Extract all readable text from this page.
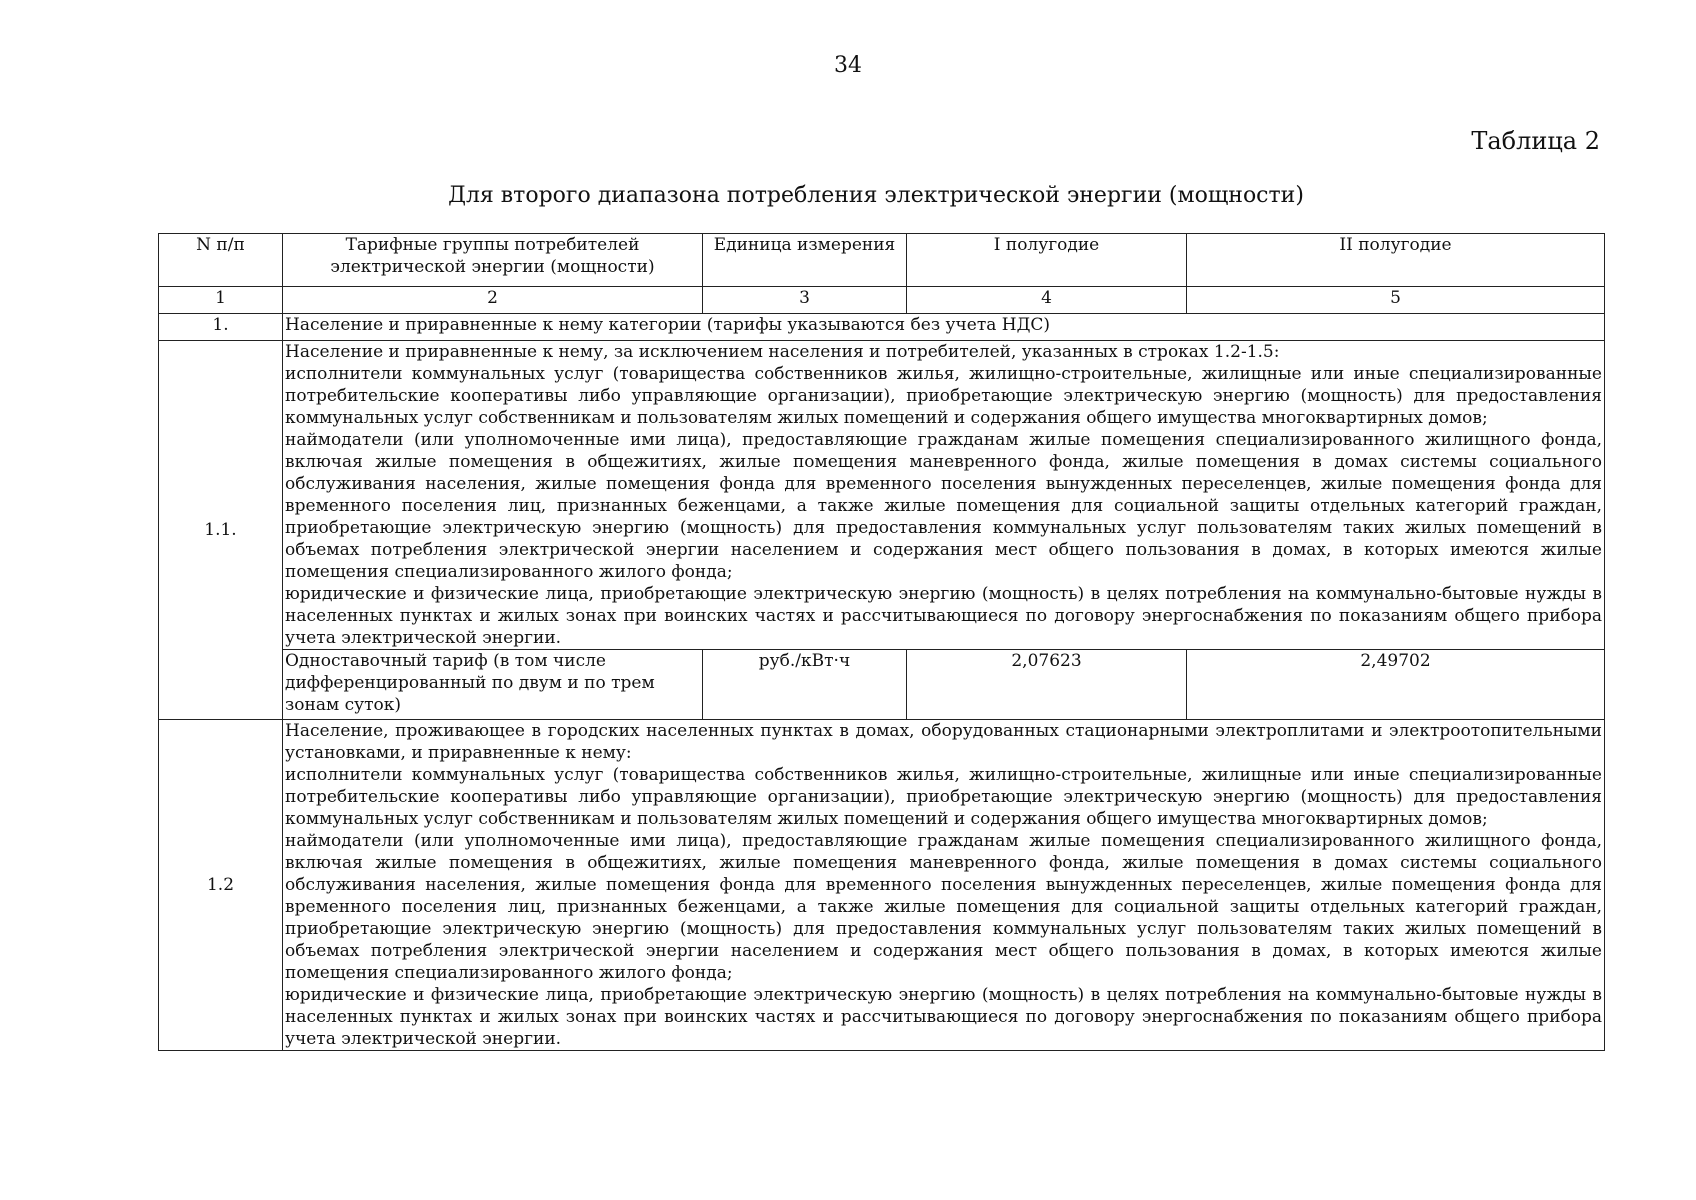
34
Таблица 2
Для второго диапазона потребления электрической энергии (мощности)
N п/п	Тарифные группы потребителей электрической энергии (мощности)	Единица измерения	I полугодие	II полугодие
1	2	3	4	5
1.	Население и приравненные к нему категории (тарифы указываются без учета НДС)			
1.1.	Население и приравненные к нему, за исключением населения и потребителей, указанных в строках 1.2-1.5:
исполнители коммунальных услуг (товарищества собственников жилья, жилищно-строительные, жилищные или иные специализированные потребительские кооперативы либо управляющие организации), приобретающие электрическую энергию (мощность) для предоставления коммунальных услуг собственникам и пользователям жилых помещений и содержания общего имущества многоквартирных домов;
наймодатели (или уполномоченные ими лица), предоставляющие гражданам жилые помещения специализированного жилищного фонда, включая жилые помещения в общежитиях, жилые помещения маневренного фонда, жилые помещения в домах системы социального обслуживания населения, жилые помещения фонда для временного поселения вынужденных переселенцев, жилые помещения фонда для временного поселения лиц, признанных беженцами, а также жилые помещения для социальной защиты отдельных категорий граждан, приобретающие электрическую энергию (мощность) для предоставления коммунальных услуг пользователям таких жилых помещений в объемах потребления электрической энергии населением и содержания мест общего пользования в домах, в которых имеются жилые помещения специализированного жилого фонда;
юридические и физические лица, приобретающие электрическую энергию (мощность) в целях потребления на коммунально-бытовые нужды в населенных пунктах и жилых зонах при воинских частях и рассчитывающиеся по договору энергоснабжения по показаниям общего прибора учета электрической энергии.			

	Одноставочный тариф (в том числе дифференцированный по двум и по трем зонам суток)	руб./кВт·ч	2,07623	2,49702
1.2	Население, проживающее в городских населенных пунктах в домах, оборудованных стационарными электроплитами и электроотопительными установками, и приравненные к нему:
исполнители коммунальных услуг (товарищества собственников жилья, жилищно-строительные, жилищные или иные специализированные потребительские кооперативы либо управляющие организации), приобретающие электрическую энергию (мощность) для предоставления коммунальных услуг собственникам и пользователям жилых помещений и содержания общего имущества многоквартирных домов;
наймодатели (или уполномоченные ими лица), предоставляющие гражданам жилые помещения специализированного жилищного фонда, включая жилые помещения в общежитиях, жилые помещения маневренного фонда, жилые помещения в домах системы социального обслуживания населения, жилые помещения фонда для временного поселения вынужденных переселенцев, жилые помещения фонда для временного поселения лиц, признанных беженцами, а также жилые помещения для социальной защиты отдельных категорий граждан, приобретающие электрическую энергию (мощность) для предоставления коммунальных услуг пользователям таких жилых помещений в объемах потребления электрической энергии населением и содержания мест общего пользования в домах, в которых имеются жилые помещения специализированного жилого фонда;
юридические и физические лица, приобретающие электрическую энергию (мощность) в целях потребления на коммунально-бытовые нужды в населенных пунктах и жилых зонах при воинских частях и рассчитывающиеся по договору энергоснабжения по показаниям общего прибора учета электрической энергии.			
